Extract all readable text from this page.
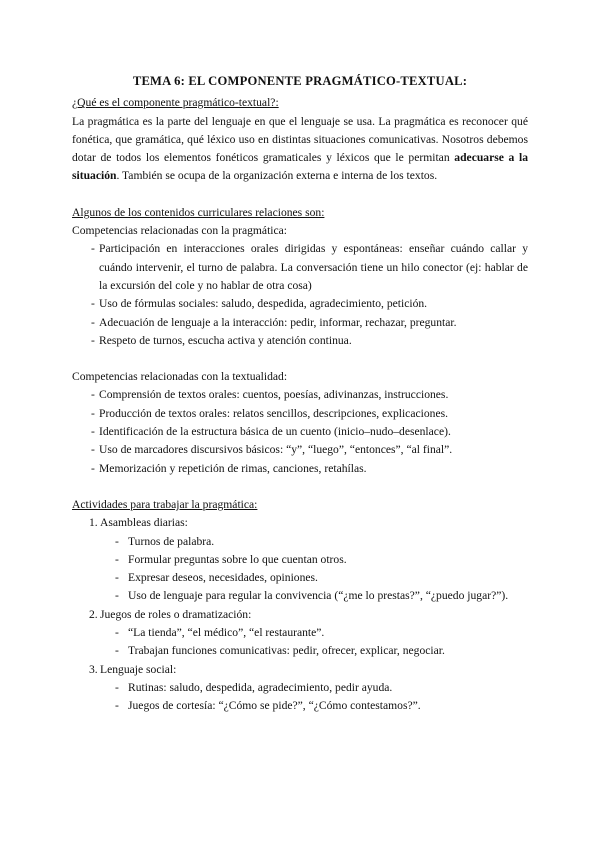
TEMA 6: EL COMPONENTE PRAGMÁTICO-TEXTUAL:

¿Qué es el componente pragmático-textual?:

La pragmática es la parte del lenguaje en que el lenguaje se usa. La pragmática es reconocer qué fonética, que gramática, qué léxico uso en distintas situaciones comunicativas. Nosotros debemos dotar de todos los elementos fonéticos gramaticales y léxicos que le permitan adecuarse a la situación. También se ocupa de la organización externa e interna de los textos.

Algunos de los contenidos curriculares relaciones son:

Competencias relacionadas con la pragmática:

- Participación en interacciones orales dirigidas y espontáneas: enseñar cuándo callar y cuándo intervenir, el turno de palabra. La conversación tiene un hilo conector (ej: hablar de la excursión del cole y no hablar de otra cosa)
- Uso de fórmulas sociales: saludo, despedida, agradecimiento, petición.
- Adecuación de lenguaje a la interacción: pedir, informar, rechazar, preguntar.
- Respeto de turnos, escucha activa y atención continua.

Competencias relacionadas con la textualidad:

- Comprensión de textos orales: cuentos, poesías, adivinanzas, instrucciones.
- Producción de textos orales: relatos sencillos, descripciones, explicaciones.
- Identificación de la estructura básica de un cuento (inicio–nudo–desenlace).
- Uso de marcadores discursivos básicos: “y”, “luego”, “entonces”, “al final”.
- Memorización y repetición de rimas, canciones, retahílas.

Actividades para trabajar la pragmática:

1. Asambleas diarias:
- Turnos de palabra.
- Formular preguntas sobre lo que cuentan otros.
- Expresar deseos, necesidades, opiniones.
- Uso de lenguaje para regular la convivencia (“¿me lo prestas?”, “¿puedo jugar?”).
2. Juegos de roles o dramatización:
- “La tienda”, “el médico”, “el restaurante”.
- Trabajan funciones comunicativas: pedir, ofrecer, explicar, negociar.
3. Lenguaje social:
- Rutinas: saludo, despedida, agradecimiento, pedir ayuda.
- Juegos de cortesía: “¿Cómo se pide?”, “¿Cómo contestamos?”.
